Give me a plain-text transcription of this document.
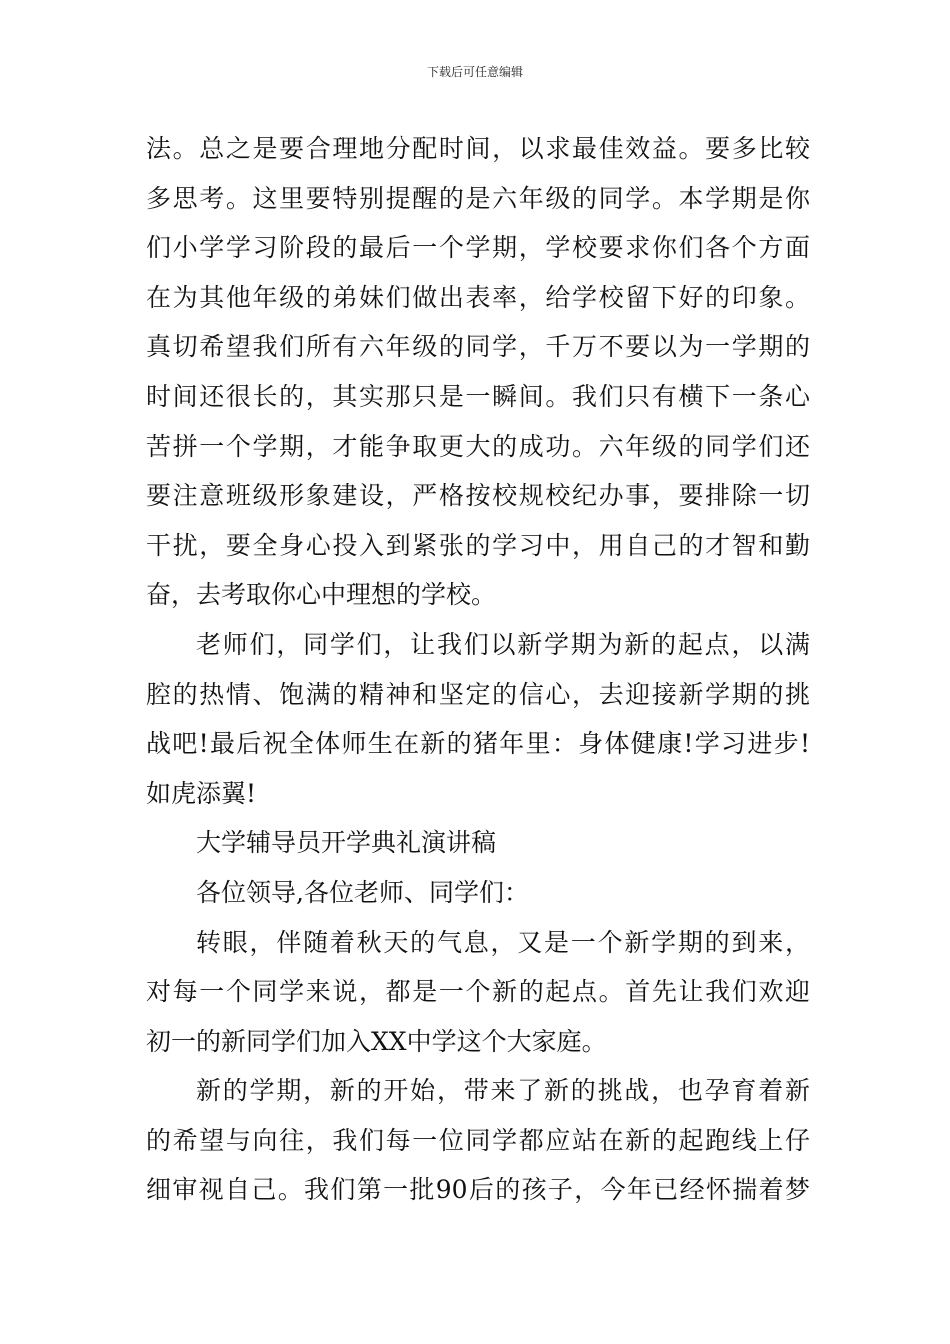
下载后可任意编辑
法。总之是要合理地分配时间，以求最佳效益。要多比较
多思考。这里要特别提醒的是六年级的同学。本学期是你
们小学学习阶段的最后一个学期，学校要求你们各个方面
在为其他年级的弟妹们做出表率，给学校留下好的印象。
真切希望我们所有六年级的同学，千万不要以为一学期的
时间还很长的，其实那只是一瞬间。我们只有横下一条心
苦拼一个学期，才能争取更大的成功。六年级的同学们还
要注意班级形象建设，严格按校规校纪办事，要排除一切
干扰，要全身心投入到紧张的学习中，用自己的才智和勤
奋，去考取你心中理想的学校。
老师们，同学们，让我们以新学期为新的起点，以满
腔的热情、饱满的精神和坚定的信心，去迎接新学期的挑
战吧!最后祝全体师生在新的猪年里：身体健康!学习进步!
如虎添翼!
大学辅导员开学典礼演讲稿
各位领导,各位老师、同学们：
转眼，伴随着秋天的气息，又是一个新学期的到来，
对每一个同学来说，都是一个新的起点。首先让我们欢迎
初一的新同学们加入XX中学这个大家庭。
新的学期，新的开始，带来了新的挑战，也孕育着新
的希望与向往，我们每一位同学都应站在新的起跑线上仔
细审视自己。我们第一批90后的孩子，今年已经怀揣着梦
